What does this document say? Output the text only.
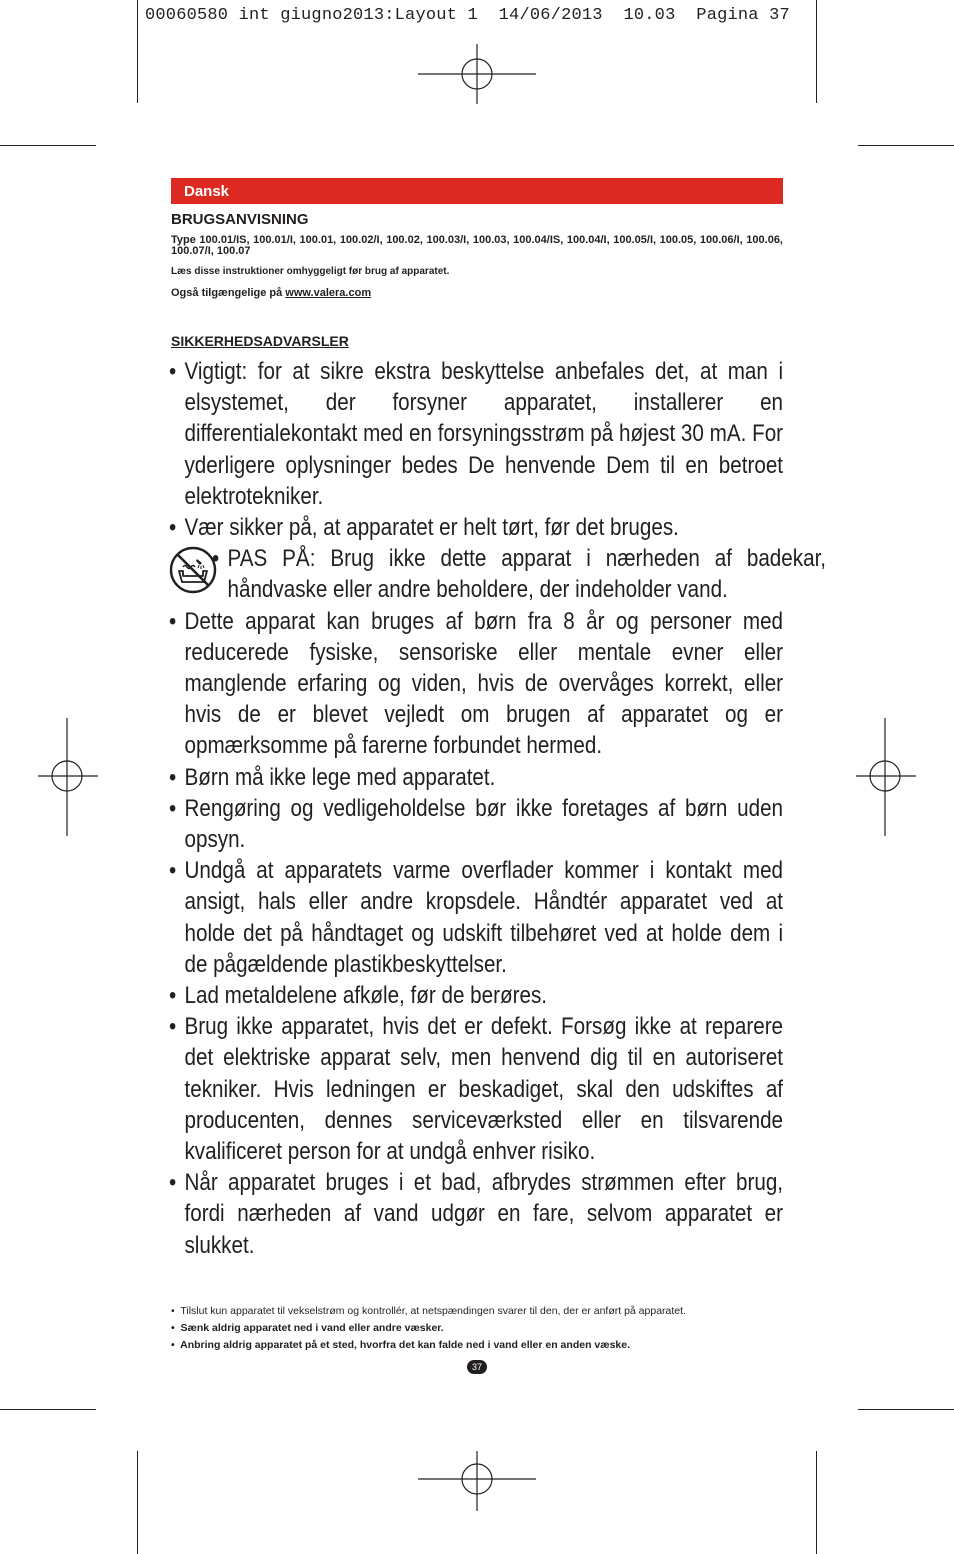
00060580 int giugno2013:Layout 1  14/06/2013  10.03  Pagina 37
Dansk
BRUGSANVISNING
Type 100.01/IS, 100.01/I, 100.01, 100.02/I, 100.02, 100.03/I, 100.03, 100.04/IS, 100.04/I, 100.05/I, 100.05, 100.06/I, 100.06, 100.07/I, 100.07
Læs disse instruktioner omhyggeligt før brug af apparatet.
Også tilgængelige på www.valera.com
SIKKERHEDSADVARSLER
• Vigtigt: for at sikre ekstra beskyttelse anbefales det, at man i elsystemet, der forsyner apparatet, installerer en differentialekontakt med en forsyningsstrøm på højest 30 mA. For yderligere oplysninger bedes De henvende Dem til en betroet elektrotekniker.
• Vær sikker på, at apparatet er helt tørt, før det bruges.
• PAS PÅ: Brug ikke dette apparat i nærheden af badekar, håndvaske eller andre beholdere, der indeholder vand.
• Dette apparat kan bruges af børn fra 8 år og personer med reducerede fysiske, sensoriske eller mentale evner eller manglende erfaring og viden, hvis de overvåges korrekt, eller hvis de er blevet vejledt om brugen af apparatet og er opmærksomme på farerne forbundet hermed.
• Børn må ikke lege med apparatet.
• Rengøring og vedligeholdelse bør ikke foretages af børn uden opsyn.
• Undgå at apparatets varme overflader kommer i kontakt med ansigt, hals eller andre kropsdele. Håndtér apparatet ved at holde det på håndtaget og udskift tilbehøret ved at holde dem i de pågældende plastikbeskyttelser.
• Lad metaldelene afkøle, før de berøres.
• Brug ikke apparatet, hvis det er defekt. Forsøg ikke at reparere det elektriske apparat selv, men henvend dig til en autoriseret tekniker. Hvis ledningen er beskadiget, skal den udskiftes af producenten, dennes serviceværksted eller en tilsvarende kvalificeret person for at undgå enhver risiko.
• Når apparatet bruges i et bad, afbrydes strømmen efter brug, fordi nærheden af vand udgør en fare, selvom apparatet er slukket.
• Tilslut kun apparatet til vekselstrøm og kontrollér, at netspændingen svarer til den, der er anført på apparatet.
• Sænk aldrig apparatet ned i vand eller andre væsker.
• Anbring aldrig apparatet på et sted, hvorfra det kan falde ned i vand eller en anden væske.
37
